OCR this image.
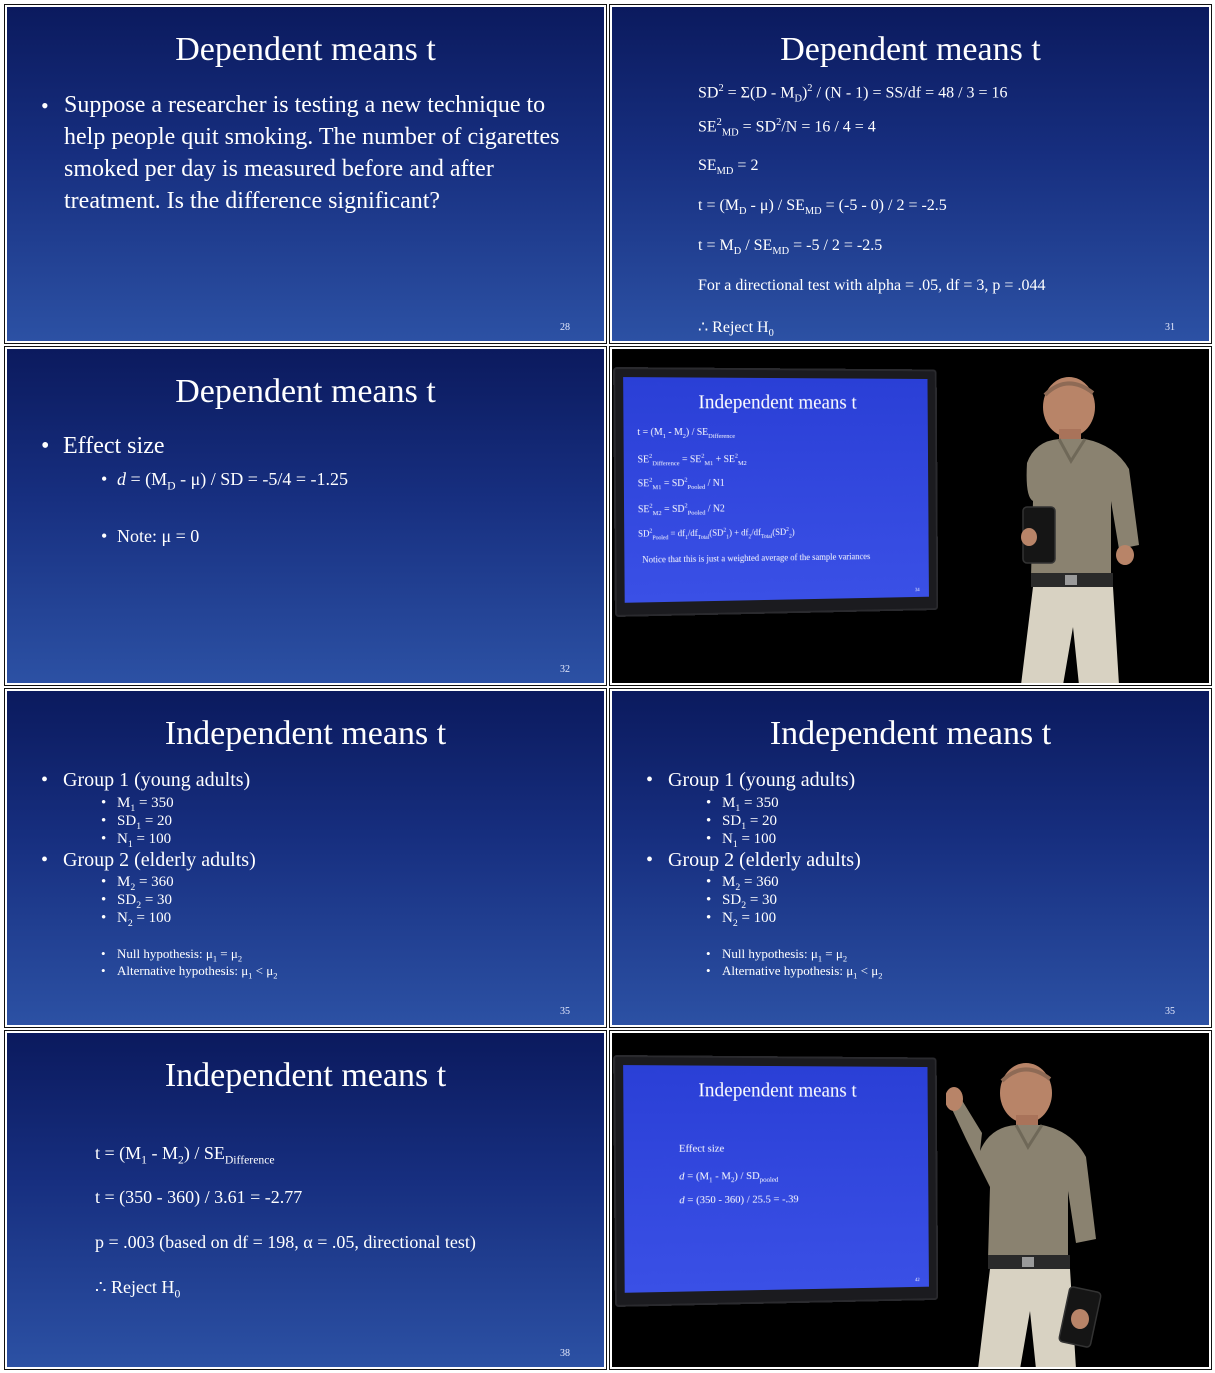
Dependent means t
• Suppose a researcher is testing a new technique to help people quit smoking. The number of cigarettes smoked per day is measured before and after treatment. Is the difference significant?
28
Dependent means t
$SD^2 = \Sigma(D - M_D)^2 / (N - 1) = SS/df = 48 / 3 = 16$
$SE^2_{MD} = SD^2/N = 16 / 4 = 4$
$SE_{MD} = 2$
$t = (M_D - \mu) / SE_{MD} = (-5 - 0) / 2 = -2.5$
$t = M_D / SE_{MD} = -5 / 2 = -2.5$
For a directional test with alpha = .05, df = 3, p = .044
∴ Reject $H_0$
31
Dependent means t
• Effect size
• $d = (M_D - \mu)$ / SD = -5/4 = -1.25
• Note: μ = 0
32
Independent means t
$t = (M_1 - M_2) / SE_{Difference}$
$SE^2_{Difference} = SE^2_{M1} + SE^2_{M2}$
$SE^2_{M1} = SD^2_{Pooled} / N1$
$SE^2_{M2} = SD^2_{Pooled} / N2$
$SD^2_{Pooled} = df_1/df_{Total}(SD^2_1) + df_2/df_{Total}(SD^2_2)$
Notice that this is just a weighted average of the sample variances
34
Independent means t
• Group 1 (young adults)
• $M_1 = 350$
• $SD_1 = 20$
• $N_1 = 100$
• Group 2 (elderly adults)
• $M_2 = 360$
• $SD_2 = 30$
• $N_2 = 100$
• Null hypothesis: $\mu_1 = \mu_2$
• Alternative hypothesis: $\mu_1 < \mu_2$
35
Independent means t
• Group 1 (young adults)
• $M_1 = 350$
• $SD_1 = 20$
• $N_1 = 100$
• Group 2 (elderly adults)
• $M_2 = 360$
• $SD_2 = 30$
• $N_2 = 100$
• Null hypothesis: $\mu_1 = \mu_2$
• Alternative hypothesis: $\mu_1 < \mu_2$
35
Independent means t
$t = (M_1 - M_2) / SE_{Difference}$
t = (350 - 360) / 3.61 = -2.77
p = .003 (based on df = 198, α = .05, directional test)
∴ Reject $H_0$
38
Independent means t
Effect size
$d = (M_1 - M_2) / SD_{pooled}$
d = (350 - 360) / 25.5 = -.39
42
